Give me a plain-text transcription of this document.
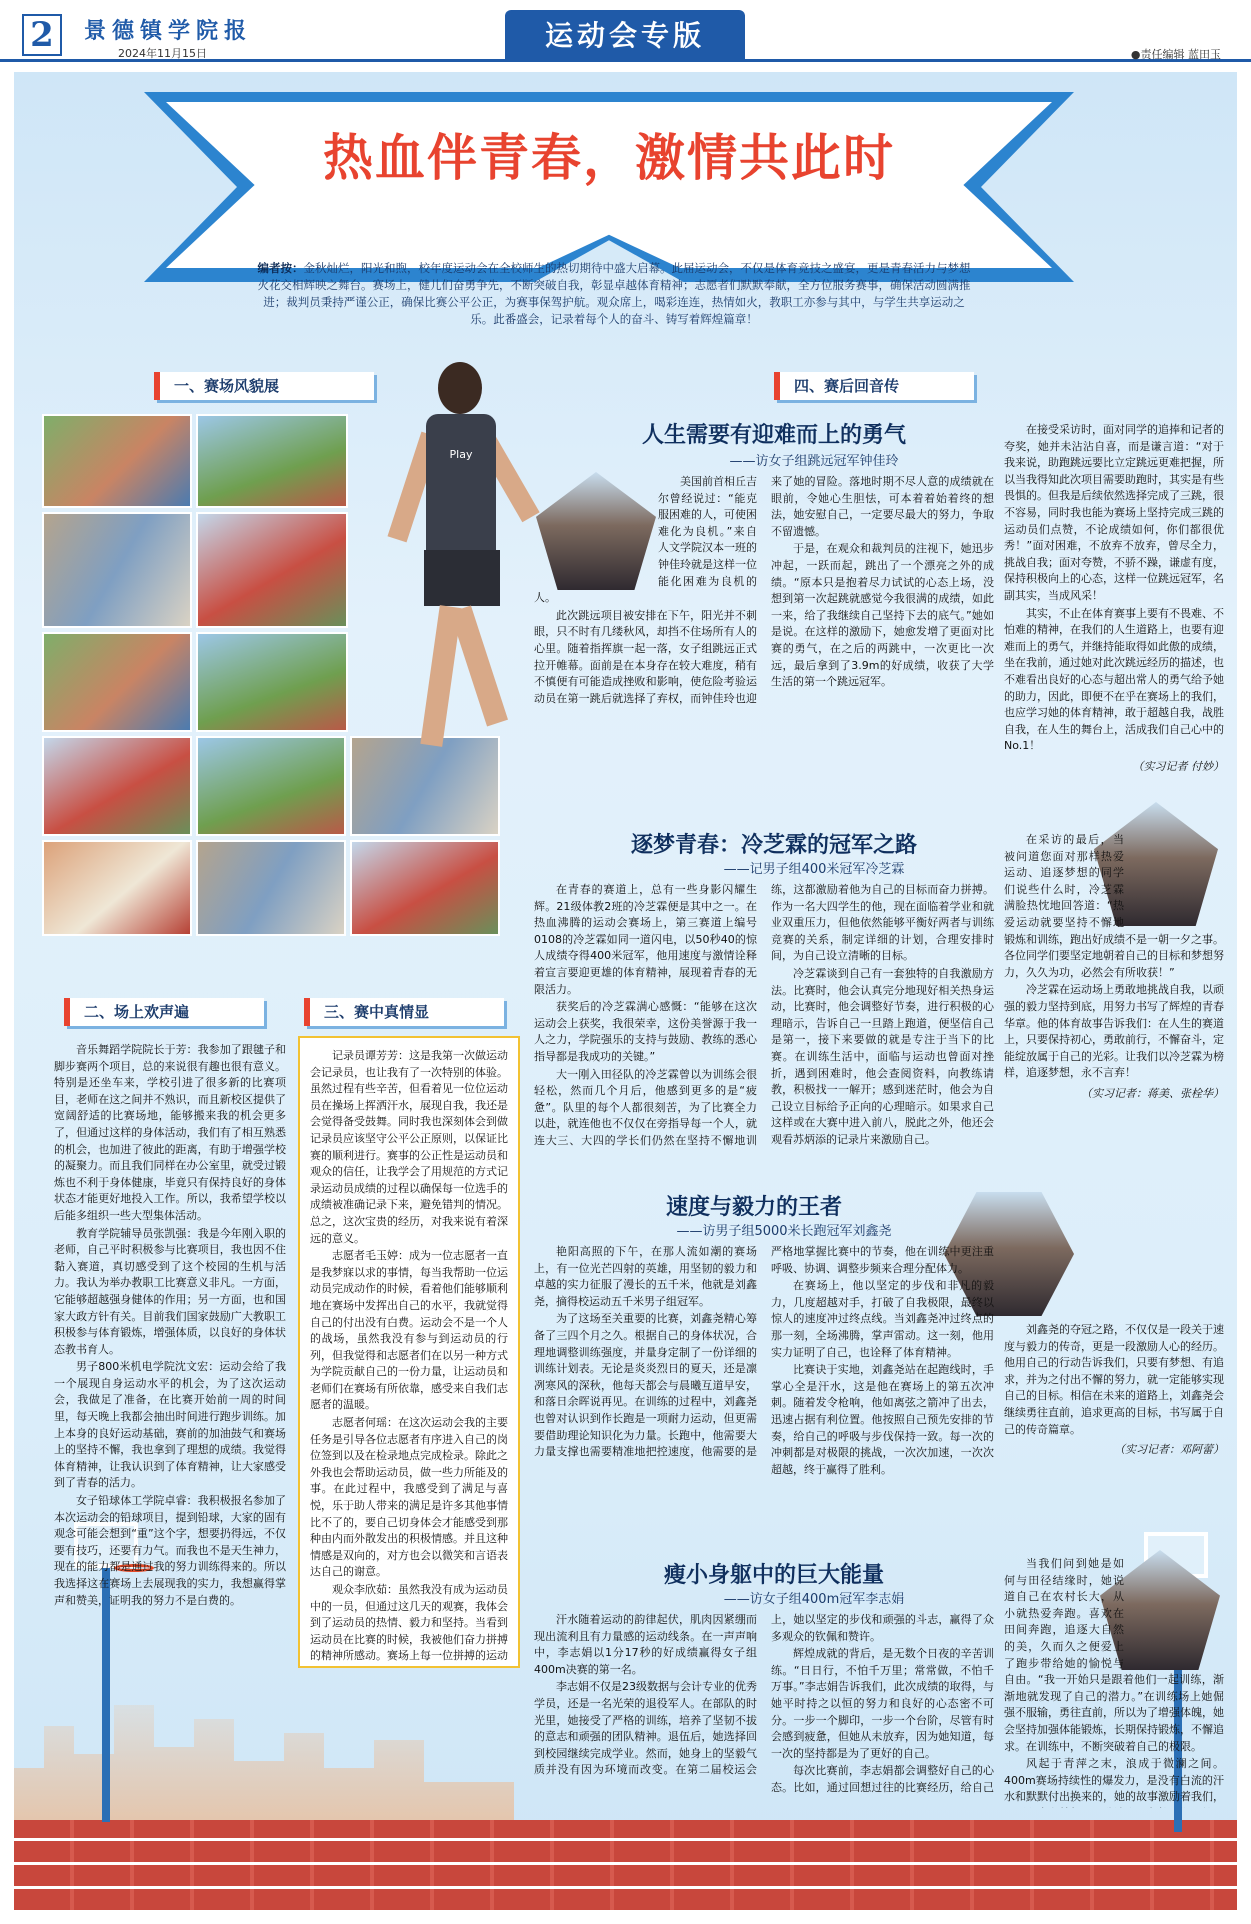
2	景德镇学院报
2024年11月15日
运动会专版
●责任编辑 蓝田玉
热血伴青春，激情共此时
编者按：金秋灿烂，阳光和煦，校年度运动会在全校师生的热切期待中盛大启幕。此届运动会，不仅是体育竞技之盛宴，更是青春活力与梦想火花交相辉映之舞台。赛场上，健儿们奋勇争先，不断突破自我，彰显卓越体育精神；志愿者们默默奉献，全方位服务赛事，确保活动圆满推进；裁判员秉持严谨公正，确保比赛公平公正，为赛事保驾护航。观众席上，喝彩连连，热情如火，教职工亦参与其中，与学生共享运动之乐。此番盛会，记录着每个人的奋斗、铸写着辉煌篇章！
一、赛场风貌展
Play
二、场上欢声遍

音乐舞蹈学院院长于芳：我参加了跟毽子和脚步赛两个项目，总的来说很有趣也很有意义。特别是还坐车来，学校引进了很多新的比赛项目，老师在这之间并不熟识，而且新校区提供了宽阔舒适的比赛场地，能够搬来我的机会更多了，但通过这样的身体活动，我们有了相互熟悉的机会，也加进了彼此的距离，有助于增强学校的凝聚力。而且我们同样在办公室里，就受过锻炼也不利于身体健康，毕竟只有保持良好的身体状态才能更好地投入工作。所以，我希望学校以后能多组织一些大型集体活动。

教育学院辅导员张凯强：我是今年刚入职的老师，自己平时积极参与比赛项目，我也因不住黏入赛道，真切感受到了这个校园的生机与活力。我认为举办教职工比赛意义非凡。一方面，它能够超越强身健体的作用；另一方面，也和国家大政方针有关。目前我们国家鼓励广大教职工积极参与体育锻炼，增强体质，以良好的身体状态教书育人。

男子800米机电学院沈文宏：运动会给了我一个展现自身运动水平的机会，为了这次运动会，我做足了准备，在比赛开始前一周的时间里，每天晚上我都会抽出时间进行跑步训练。加上本身的良好运动基础，赛前的加油鼓气和赛场上的坚持不懈，我也拿到了理想的成绩。我觉得体育精神，让我认识到了体育精神，让大家感受到了青春的活力。

女子铅球体工学院卓睿：我积极报名参加了本次运动会的铅球项目，提到铅球，大家的固有观念可能会想到“重”这个字，想要扔得远，不仅要有技巧，还要有力气。而我也不是天生神力，现在的能力都是通过我的努力训练得来的。所以我选择这在赛场上去展现我的实力，我想赢得掌声和赞美，证明我的努力不是白费的。

三、赛中真情显

记录员谭芳芳：这是我第一次做运动会记录员，也让我有了一次特别的体验。虽然过程有些辛苦，但看着见一位位运动员在操场上挥洒汗水，展现自我，我还是会觉得备受鼓舞。同时我也深刻体会到做记录员应该坚守公平公正原则，以保证比赛的顺利进行。赛事的公正性是运动员和观众的信任，让我学会了用规范的方式记录运动员成绩的过程以确保每一位选手的成绩被准确记录下来，避免错判的情况。总之，这次宝贵的经历，对我来说有着深远的意义。

志愿者毛玉婷：成为一位志愿者一直是我梦寐以求的事情，每当我帮助一位运动员完成动作的时候，看着他们能够顺利地在赛场中发挥出自己的水平，我就觉得自己的付出没有白费。运动会不是一个人的战场，虽然我没有参与到运动员的行列，但我觉得和志愿者们在以另一种方式为学院贡献自己的一份力量，让运动员和老师们在赛场有所依靠，感受来自我们志愿者的温暖。

志愿者何瑶：在这次运动会我的主要任务是引导各位志愿者有序进入自己的岗位签到以及在检录地点完成检录。除此之外我也会帮助运动员，做一些力所能及的事。在此过程中，我感受到了满足与喜悦，乐于助人带来的满足是许多其他事情比不了的，要自己切身体会才能感受到那种由内而外散发出的积极情感。并且这种情感是双向的，对方也会以微笑和言语表达自己的谢意。

观众李欣茹：虽然我没有成为运动员中的一员，但通过这几天的观赛，我体会到了运动员的热情、毅力和坚持。当看到运动员在比赛的时候，我被他们奋力拼搏的精神所感动。赛场上每一位拼搏的运动

四、赛后回音传
人生需要有迎难而上的勇气
——访女子组跳远冠军钟佳玲

美国前首相丘吉尔曾经说过：“能克服困难的人，可使困难化为良机。”来自人文学院汉本一班的钟佳玲就是这样一位能化困难为良机的人。

此次跳远项目被安排在下午，阳光并不刺眼，只不时有几缕秋风，却挡不住场所有人的心里。随着指挥旗一起一落，女子组跳远正式拉开帷幕。面前是在本身存在较大难度，稍有不慎便有可能造成挫败和影响，使危险考验运动员在第一跳后就选择了弃权，而钟佳玲也迎来了她的冒险。落地时期不尽人意的成绩就在眼前，令她心生胆怯，可本着着始着终的想法，她安慰自己，一定要尽最大的努力，争取不留遗憾。

于是，在观众和裁判员的注视下，她迅步冲起，一跃而起，跳出了一个漂亮之外的成绩。“原本只是抱着尽力试试的心态上场，没想到第一次起跳就感觉今我很满的成绩，如此一来，给了我继续自己坚持下去的底气。”她如是说。在这样的激励下，她愈发增了更面对比赛的勇气，在之后的两跳中，一次更比一次远，最后拿到了3.9m的好成绩，收获了大学生活的第一个跳远冠军。

在接受采访时，面对同学的追捧和记者的夸奖，她并未沾沾自喜，而是谦言道：“对于我来说，助跑跳远要比立定跳远更难把握，所以当我得知此次项目需要助跑时，其实是有些畏惧的。但我是后续依然选择完成了三跳，很不容易，同时我也能为赛场上坚持完成三跳的运动员们点赞，不论成绩如何，你们都很优秀！”面对困难，不放弃不放弃，曾尽全力，挑战自我；面对夸赞，不骄不躁，谦虚有度，保持积极向上的心态，这样一位跳远冠军，名副其实，当成风采！

其实，不止在体育赛事上要有不畏难、不怕难的精神，在我们的人生道路上，也要有迎难而上的勇气，并继持能取得如此傲的成绩，坐在我前，通过她对此次跳远经历的描述，也不难看出良好的心态与超出常人的勇气给予她的助力，因此，即便不在乎在赛场上的我们，也应学习她的体育精神，敢于超越自我，战胜自我，在人生的舞台上，活成我们自己心中的No.1！

（实习记者 付妙）

逐梦青春：冷芝霖的冠军之路
——记男子组400米冠军冷芝霖

在青春的赛道上，总有一些身影闪耀生辉。21级体教2班的冷芝霖便是其中之一。在热血沸腾的运动会赛场上，第三赛道上编号0108的冷芝霖如同一道闪电，以50秒40的惊人成绩夺得400米冠军，他用速度与激情诠释着宣言要迎更雄的体育精神，展现着青春的无限活力。

获奖后的冷芝霖满心感慨：“能够在这次运动会上获奖，我很荣幸，这份美誉源于我一人之力，学院强乐的支持与鼓励、教练的悉心指导都是我成功的关键。”

大一刚入田径队的冷芝霖曾以为训练会很轻松，然而几个月后，他感到更多的是“疲惫”。队里的每个人都很刻苦，为了比赛全力以赴，就连他也不仅仅在旁指导每一个人，就连大三、大四的学长们仍然在坚持不懈地训练，这都激励着他为自己的目标而奋力拼搏。作为一名大四学生的他，现在面临着学业和就业双重压力，但他依然能够平衡好两者与训练竞赛的关系，制定详细的计划，合理安排时间，为自己设立清晰的目标。

冷芝霖谈到自己有一套独特的自我激励方法。比赛时，他会认真完分地现好相关热身运动，比赛时，他会调整好节奏，进行积极的心理暗示，告诉自己一旦踏上跑道，便坚信自己是第一，接下来要做的就是专注于当下的比赛。在训练生活中，面临与运动也曾面对挫折，遇到困难时，他会查阅资料，向教练请教，积极找一一解开；感到迷茫时，他会为自己设立目标给予正向的心理暗示。如果求自己这样或在大赛中进入前八，脱此之外，他还会观看苏炳添的记录片来激励自己。

在采访的最后，当被问道您面对那样热爱运动、追逐梦想的同学们说些什么时，冷芝霖满脸热忱地回答道：“热爱运动就要坚持不懈地锻炼和训练，跑出好成绩不是一朝一夕之事。各位同学们要坚定地朝着自己的目标和梦想努力，久久为功，必然会有所收获！”

冷芝霖在运动场上勇敢地挑战自我，以顽强的毅力坚持到底，用努力书写了辉煌的青春华章。他的体育故事告诉我们：在人生的赛道上，只要保持初心，勇敢前行，不懈奋斗，定能绽放属于自己的光彩。让我们以冷芝霖为榜样，追逐梦想，永不言弃！

（实习记者：蒋美、张栓华）

速度与毅力的王者
——访男子组5000米长跑冠军刘鑫尧

艳阳高照的下午，在那人流如潮的赛场上，有一位光芒四射的英雄，用坚韧的毅力和卓越的实力征服了漫长的五千米，他就是刘鑫尧，摘得校运动五千米男子组冠军。

为了这场至关重要的比赛，刘鑫尧精心筹备了三四个月之久。根据自己的身体状况，合理地调整训练强度，并量身定制了一份详细的训练计划表。无论是炎炎烈日的夏天，还是凛冽寒风的深秋，他每天都会与晨曦互道早安，和落日余晖说再见。在训练的过程中，刘鑫尧也曾对认识到作长跑是一项耐力运动，但更需要借助理论知识化为力量。长跑中，他需要大力量支撑也需要精准地把控速度，他需要的是严格地掌握比赛中的节奏，他在训练中更注重呼吸、协调、调整步频来合理分配体力。

在赛场上，他以坚定的步伐和非凡的毅力，几度超越对手，打破了自我极限，最终以惊人的速度冲过终点线。当刘鑫尧冲过终点的那一刻，全场沸腾，掌声雷动。这一刻，他用实力证明了自己，也诠释了体育精神。

比赛诀于实地，刘鑫尧站在起跑线时，手掌心全是汗水，这是他在赛场上的第五次冲刺。随着发令枪响，他如离弦之箭冲了出去，迅速占据有利位置。他按照自己预先安排的节奏，给自己的呼吸与步伐保持一致。每一次的冲刺都是对极限的挑战，一次次加速，一次次超越，终于赢得了胜利。

刘鑫尧的夺冠之路，不仅仅是一段关于速度与毅力的传奇，更是一段激励人心的经历。他用自己的行动告诉我们，只要有梦想、有追求，并为之付出不懈的努力，就一定能够实现自己的目标。相信在未来的道路上，刘鑫尧会继续勇往直前，追求更高的目标，书写属于自己的传奇篇章。

（实习记者：邓阿蕾）

瘦小身躯中的巨大能量
——访女子组400m冠军李志娟

汗水随着运动的韵律起伏，肌肉因紧绷而现出流利且有力量感的运动线条。在一声声响中，李志娟以1分17秒的好成绩赢得女子组400m决赛的第一名。

李志娟不仅是23级数据与会计专业的优秀学员，还是一名光荣的退役军人。在部队的时光里，她接受了严格的训练，培养了坚韧不拔的意志和顽强的团队精神。退伍后，她选择回到校园继续完成学业。然而，她身上的坚毅气质并没有因为环境而改变。在第二届校运会上，她以坚定的步伐和顽强的斗志，赢得了众多观众的钦佩和赞许。

辉煌成就的背后，是无数个日夜的辛苦训练。“日日行，不怕千万里；常常做，不怕千万事。”李志娟告诉我们，此次成绩的取得，与她平时持之以恒的努力和良好的心态密不可分。一步一个脚印，一步一个台阶，尽管有时会感到疲惫，但她从未放弃，因为她知道，每一次的坚持都是为了更好的自己。

每次比赛前，李志娟都会调整好自己的心态。比如，通过回想过往的比赛经历，给自己

当我们问到她是如何与田径结缘时，她说道自己在农村长大，从小就热爱奔跑。喜欢在田间奔跑，追逐大自然的美，久而久之便爱上了跑步带给她的愉悦与自由。“我一开始只是跟着他们一起训练，渐渐地就发现了自己的潜力。”在训练场上她倔强不服输，勇往直前，所以为了增强体魄，她会坚持加强体能锻炼，长期保持锻炼，不懈追求。在训练中，不断突破着自己的极限。

风起于青萍之末，浪成于微澜之间。400m赛场持续性的爆发力，是没有白流的汗水和默默付出换来的，她的故事激励着我们，
